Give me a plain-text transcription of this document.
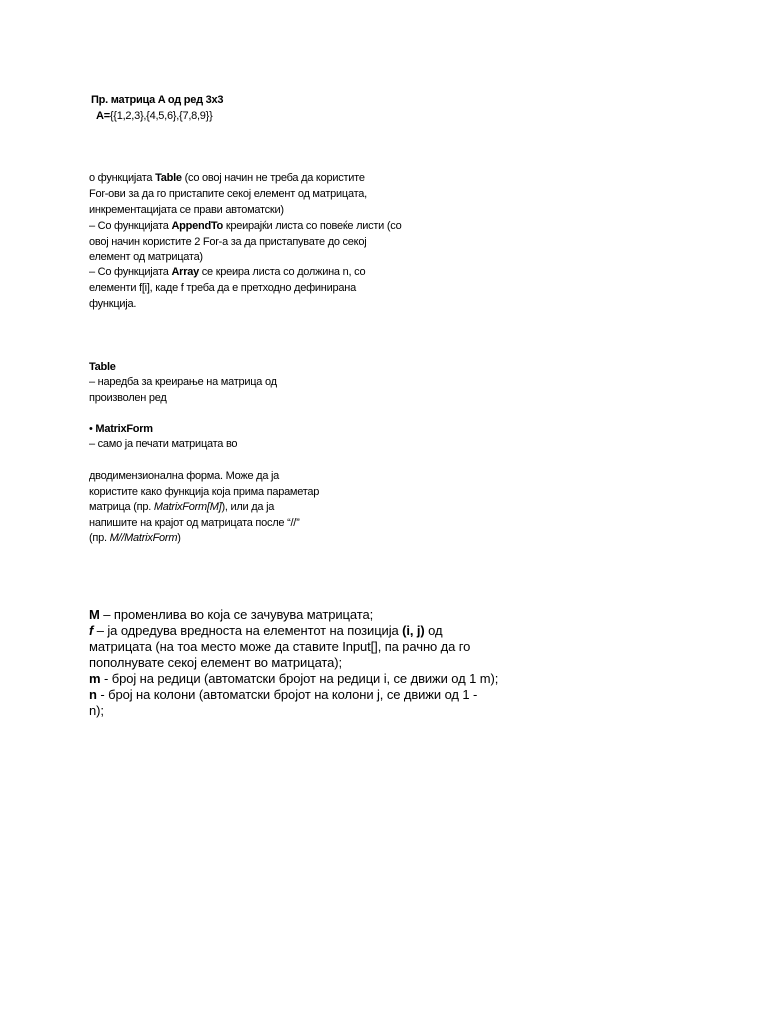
Пр. матрица A од ред 3x3
A={{1,2,3},{4,5,6},{7,8,9}}
o функцијата Table (со овој начин не треба да користите
For-ови за да го пристапите секој елемент од матрицата,
инкрементацијата се прави автоматски)
– Со функцијата AppendTo креирајќи листа со повеќе листи (со
овој начин користите 2 For-а за да пристапувате до секој
елемент од матрицата)
– Со функцијата Array се креира листа со должина n, со
елементи f[i], каде f треба да е претходно дефинирана
функција.
Table
– наредба за креирање на матрица од
произволен ред
• MatrixForm
– само ја печати матрицата во
дводимензионална форма. Може да ја
користите како функција која прима параметар
матрица (пр. MatrixForm[M]), или да ја
напишите на крајот од матрицата после “//”
(пр. M//MatrixForm)
M – променлива во која се зачувува матрицата;
f – ја одредува вредноста на елементот на позиција (i, j) од
матрицата (на тоа место може да ставите Input[], па рачно да го
пополнувате секој елемент во матрицата);
m - број на редици (автоматски бројот на редици i, се движи од 1 m);
n - број на колони (автоматски бројот на колони j, се движи од 1 -
n);
